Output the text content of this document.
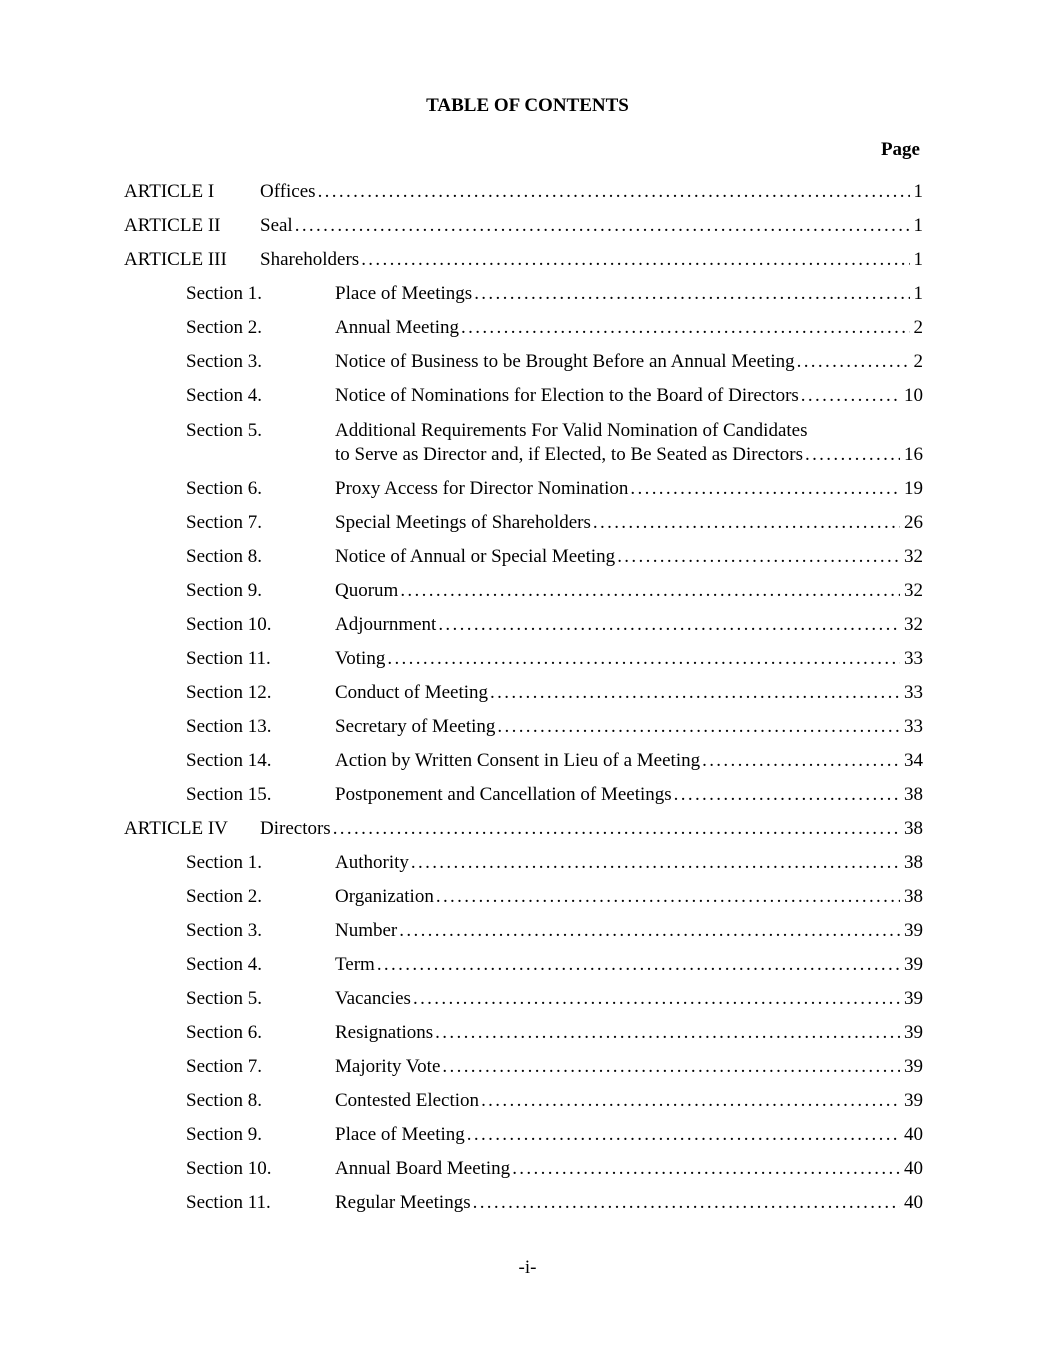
TABLE OF CONTENTS
Page
ARTICLE I Offices . . .	1
ARTICLE II Seal . . .	1
ARTICLE III Shareholders . . .	1
Section 1.	Place of Meetings . . .	1
Section 2.	Annual Meeting . . .	2
Section 3.	Notice of Business to be Brought Before an Annual Meeting . . .	2
Section 4.	Notice of Nominations for Election to the Board of Directors . . .	10
Section 5.	Additional Requirements For Valid Nomination of Candidates
to Serve as Director and, if Elected, to Be Seated as Directors . . .	16
Section 6.	Proxy Access for Director Nomination . . .	19
Section 7.	Special Meetings of Shareholders . . .	26
Section 8.	Notice of Annual or Special Meeting . . .	32
Section 9.	Quorum . . .	32
Section 10.	Adjournment . . .	32
Section 11.	Voting . . .	33
Section 12.	Conduct of Meeting . . .	33
Section 13.	Secretary of Meeting . . .	33
Section 14.	Action by Written Consent in Lieu of a Meeting . . .	34
Section 15.	Postponement and Cancellation of Meetings . . .	38
ARTICLE IV Directors . . .	38
Section 1.	Authority . . .	38
Section 2.	Organization . . .	38
Section 3.	Number . . .	39
Section 4.	Term . . .	39
Section 5.	Vacancies . . .	39
Section 6.	Resignations . . .	39
Section 7.	Majority Vote . . .	39
Section 8.	Contested Election . . .	39
Section 9.	Place of Meeting . . .	40
Section 10.	Annual Board Meeting . . .	40
Section 11.	Regular Meetings . . .	40
-i-
